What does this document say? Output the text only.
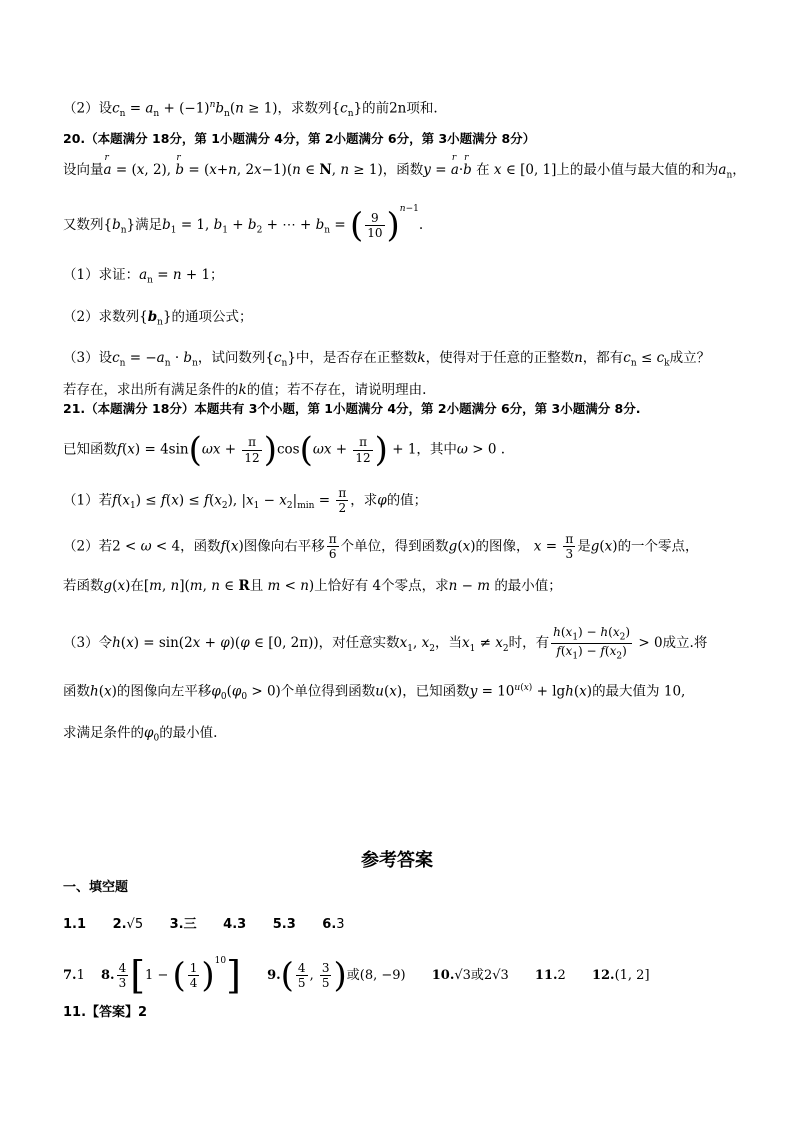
（2）设$c_n = a_n + (-1)^nb_n(n \ge 1)$，求数列$\{c_n\}$的前2n项和.
20.（本题满分 18分，第 1小题满分 4分，第 2小题满分 6分，第 3小题满分 8分）
设向量r a = (x, 2), r b = (x+n, 2x−1)(n ∈ N, n ≥ 1)，函数y = r a·r b 在 x ∈ [0, 1]上的最小值与最大值的和为$a_n$，
又数列$\{b_n\}$满足$b_1 = 1$, $b_1 + b_2$ + ⋯ + $b_n$ = ( $\frac{9}{10} )^{n-1}$.
（1）求证：$a_n = n + 1$；
（2）求数列$\{b_n\}$的通项公式；
（3）设$c_n = -a_n \cdot b_n$，试问数列$\{c_n\}$中，是否存在正整数k，使得对于任意的正整数n，都有$c_n \le c_k$成立？
若存在，求出所有满足条件的k的值；若不存在，请说明理由.
21.（本题满分 18分）本题共有 3个小题，第 1小题满分 4分，第 2小题满分 6分，第 3小题满分 8分.
已知函数$f(x) = 4\sin(\omega x + \frac{\pi}{12} )\cos(\omega x + \frac{\pi}{12}$ ) + 1，其中ω > 0 .
（1）若$f(x_1) \le f(x) \le f(x_2)$, $|x_1 - x_2|_{min} = \frac{\pi}{2}$ ，求φ的值；
（2）若2 < ω < 4，函数f(x)图像向右平移 $\frac{\pi}{6}$ 个单位，得到函数g(x)的图像， $x = \frac{\pi}{3}$ 是g(x)的一个零点，
若函数g(x)在[m, n](m, n ∈ R且 m < n)上恰好有 4个零点，求n − m 的最小值；
（3）令h(x) = sin(2x + φ)(φ ∈ [0, 2π))，对任意实数$x_1$, $x_2$，当$x_1 \ne x_2$时，有 $\frac{h(x_1) - h(x_2)}{f(x_1) - f(x_2)} > 0$成立.将
函数h(x)的图像向左平移$\varphi_0(\varphi_0 > 0)$个单位得到函数u(x)，已知函数$y = 10^{u(x)} + \lg h(x)$的最大值为 10,
求满足条件的$\varphi_0$的最小值.
参考答案
一、填空题
1.1 2.√5 3.三 4.3 5.3 6.3
7.1 8. $\frac{4}{3} [1$ − ( $\frac{1}{4} )^{10}$] $9.( \frac{4}{5}$ , $\frac{3}{5}$ )或(8, −9) 10.√3或2√3 11.2 12.(1, 2]
11.【答案】2
